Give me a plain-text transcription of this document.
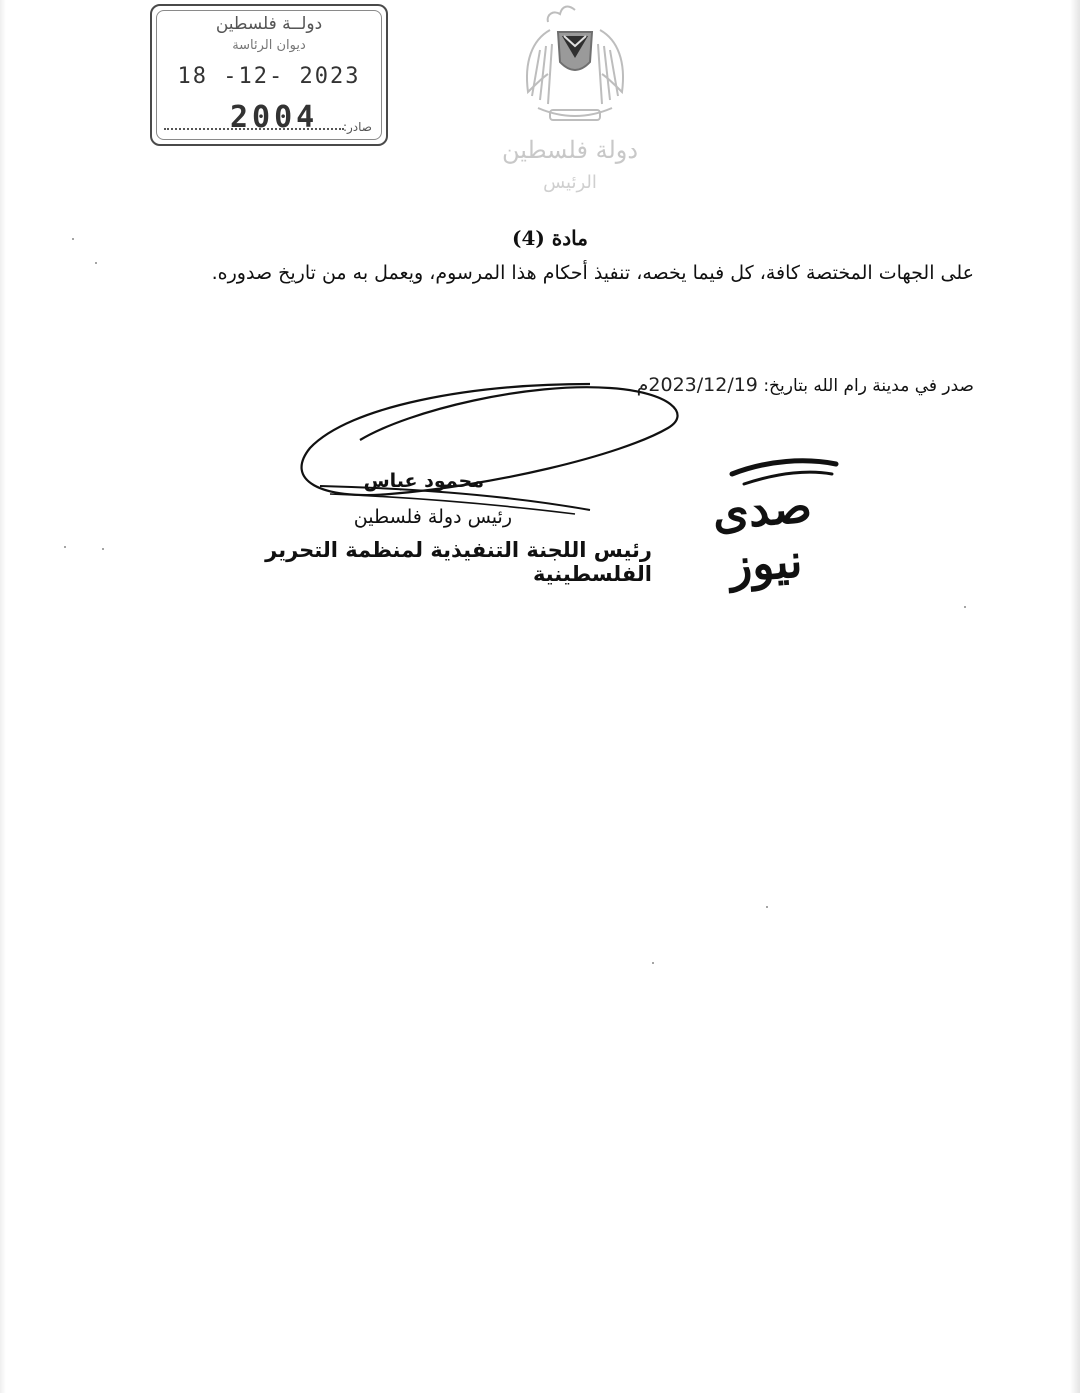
دولــة فلسطين
ديوان الرئاسة
18 -12- 2023
2004 صادر:
دولة فلسطين
الرئيس
مادة (4)
على الجهات المختصة كافة، كل فيما يخصه، تنفيذ أحكام هذا المرسوم، ويعمل به من تاريخ صدوره.
صدر في مدينة رام الله بتاريخ: 2023/12/19م
محمود عباس
رئيس دولة فلسطين
رئيس اللجنة التنفيذية لمنظمة التحرير الفلسطينية
صدى نيوز
